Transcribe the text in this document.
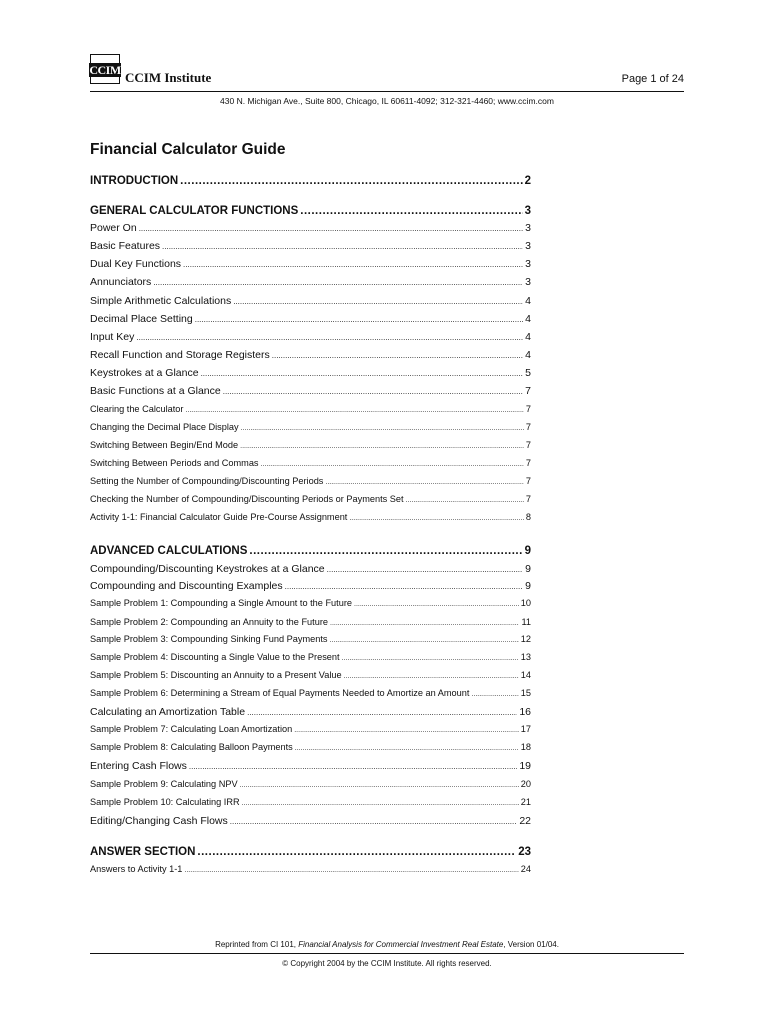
CCIM CCIM Institute	Page 1 of 24
430 N. Michigan Ave., Suite 800, Chicago, IL 60611-4092; 312-321-4460; www.ccim.com
Financial Calculator Guide
INTRODUCTION .....	2
GENERAL CALCULATOR FUNCTIONS .....	3
Power On .....	3
Basic Features .....	3
Dual Key Functions .....	3
Annunciators .....	3
Simple Arithmetic Calculations .....	4
Decimal Place Setting .....	4
Input Key .....	4
Recall Function and Storage Registers .....	4
Keystrokes at a Glance .....	5
Basic Functions at a Glance .....	7
Clearing the Calculator .....	7
Changing the Decimal Place Display .....	7
Switching Between Begin/End Mode .....	7
Switching Between Periods and Commas .....	7
Setting the Number of Compounding/Discounting Periods .....	7
Checking the Number of Compounding/Discounting Periods or Payments Set .....	7
Activity 1-1: Financial Calculator Guide Pre-Course Assignment .....	8
ADVANCED CALCULATIONS .....	9
Compounding/Discounting Keystrokes at a Glance .....	9
Compounding and Discounting Examples .....	9
Sample Problem 1: Compounding a Single Amount to the Future .....	10
Sample Problem 2: Compounding an Annuity to the Future .....	11
Sample Problem 3: Compounding Sinking Fund Payments .....	12
Sample Problem 4: Discounting a Single Value to the Present .....	13
Sample Problem 5: Discounting an Annuity to a Present Value .....	14
Sample Problem 6: Determining a Stream of Equal Payments Needed to Amortize an Amount .....	15
Calculating an Amortization Table .....	16
Sample Problem 7: Calculating Loan Amortization .....	17
Sample Problem 8: Calculating Balloon Payments .....	18
Entering Cash Flows .....	19
Sample Problem 9: Calculating NPV .....	20
Sample Problem 10: Calculating IRR .....	21
Editing/Changing Cash Flows .....	22
ANSWER SECTION .....	23
Answers to Activity 1-1 .....	24
Reprinted from CI 101, Financial Analysis for Commercial Investment Real Estate, Version 01/04.
© Copyright 2004 by the CCIM Institute. All rights reserved.
